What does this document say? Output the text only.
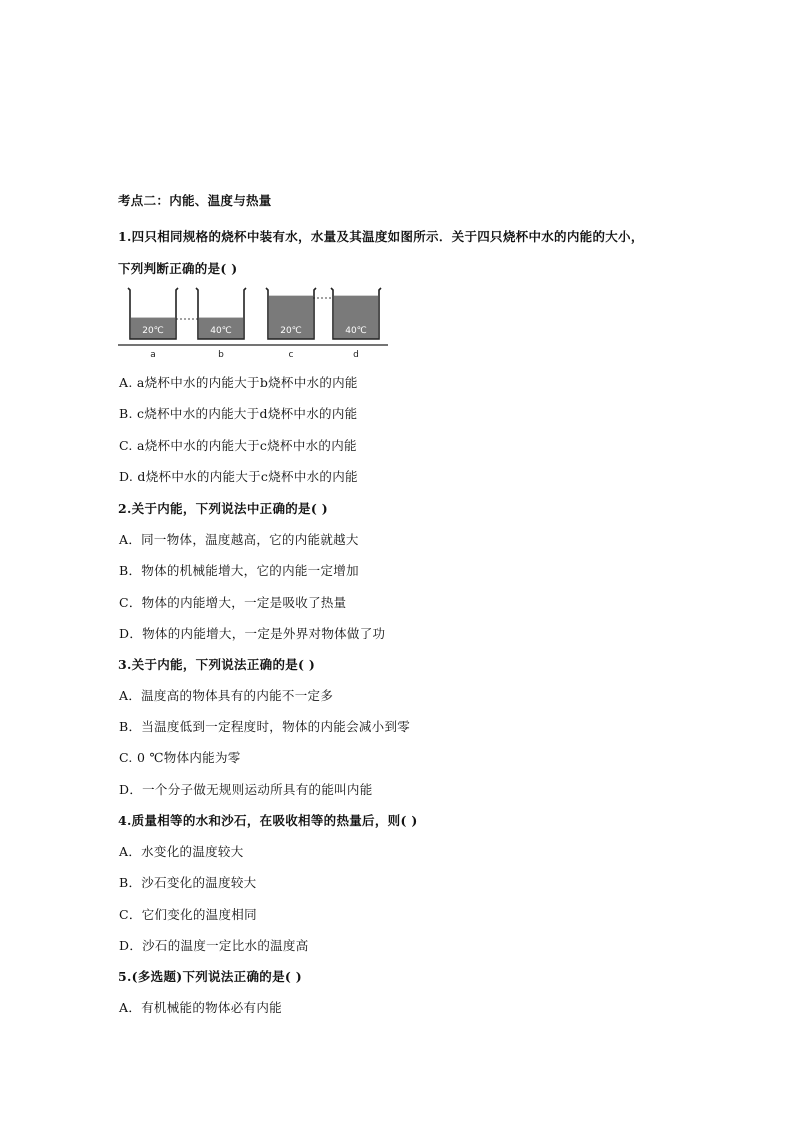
考点二：内能、温度与热量
1.四只相同规格的烧杯中装有水，水量及其温度如图所示．关于四只烧杯中水的内能的大小，
下列判断正确的是( )
20℃
a
40℃
b
20℃
c
40℃
d
A. a烧杯中水的内能大于b烧杯中水的内能
B. c烧杯中水的内能大于d烧杯中水的内能
C. a烧杯中水的内能大于c烧杯中水的内能
D. d烧杯中水的内能大于c烧杯中水的内能
2.关于内能，下列说法中正确的是( )
A．同一物体，温度越高，它的内能就越大
B．物体的机械能增大，它的内能一定增加
C．物体的内能增大，一定是吸收了热量
D．物体的内能增大，一定是外界对物体做了功
3.关于内能，下列说法正确的是( )
A．温度高的物体具有的内能不一定多
B．当温度低到一定程度时，物体的内能会减小到零
C. 0 ℃物体内能为零
D．一个分子做无规则运动所具有的能叫内能
4.质量相等的水和沙石，在吸收相等的热量后，则( )
A．水变化的温度较大
B．沙石变化的温度较大
C．它们变化的温度相同
D．沙石的温度一定比水的温度高
5.(多选题)下列说法正确的是( )
A．有机械能的物体必有内能
